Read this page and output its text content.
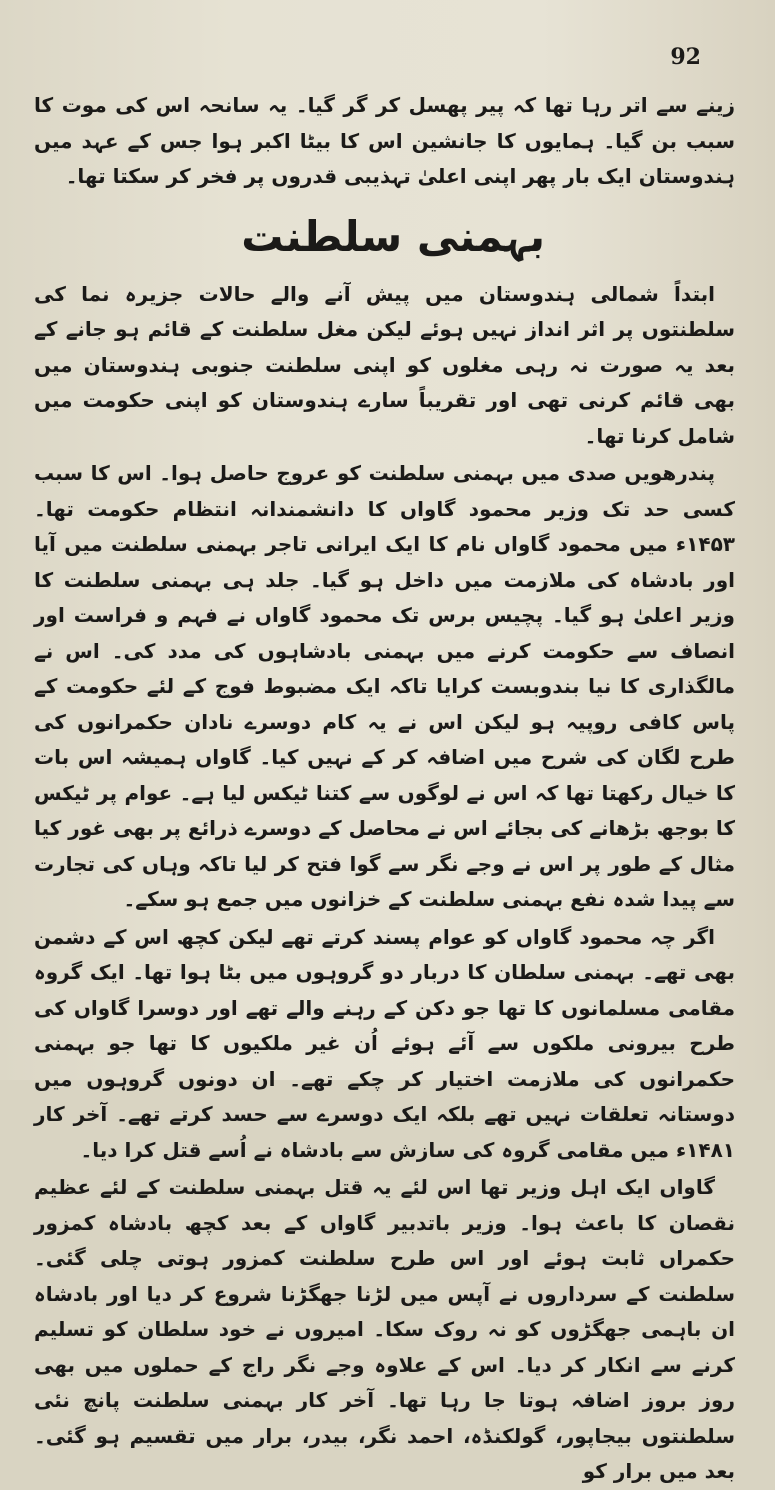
92

زینے سے اتر رہا تھا کہ پیر پھسل کر گر گیا۔ یہ سانحہ اس کی موت کا سبب بن گیا۔ ہمایوں کا جانشین اس کا بیٹا اکبر ہوا جس کے عہد میں ہندوستان ایک بار پھر اپنی اعلیٰ تہذیبی قدروں پر فخر کر سکتا تھا۔

بہمنی سلطنت

ابتداً شمالی ہندوستان میں پیش آنے والے حالات جزیرہ نما کی سلطنتوں پر اثر انداز نہیں ہوئے لیکن مغل سلطنت کے قائم ہو جانے کے بعد یہ صورت نہ رہی مغلوں کو اپنی سلطنت جنوبی ہندوستان میں بھی قائم کرنی تھی اور تقریباً سارے ہندوستان کو اپنی حکومت میں شامل کرنا تھا۔

پندرھویں صدی میں بہمنی سلطنت کو عروج حاصل ہوا۔ اس کا سبب کسی حد تک وزیر محمود گاواں کا دانشمندانہ انتظام حکومت تھا۔ ۱۴۵۳ء میں محمود گاواں نام کا ایک ایرانی تاجر بہمنی سلطنت میں آیا اور بادشاہ کی ملازمت میں داخل ہو گیا۔ جلد ہی بہمنی سلطنت کا وزیر اعلیٰ ہو گیا۔ پچیس برس تک محمود گاواں نے فہم و فراست اور انصاف سے حکومت کرنے میں بہمنی بادشاہوں کی مدد کی۔ اس نے مالگذاری کا نیا بندوبست کرایا تاکہ ایک مضبوط فوج کے لئے حکومت کے پاس کافی روپیہ ہو لیکن اس نے یہ کام دوسرے نادان حکمرانوں کی طرح لگان کی شرح میں اضافہ کر کے نہیں کیا۔ گاواں ہمیشہ اس بات کا خیال رکھتا تھا کہ اس نے لوگوں سے کتنا ٹیکس لیا ہے۔ عوام پر ٹیکس کا بوجھ بڑھانے کی بجائے اس نے محاصل کے دوسرے ذرائع پر بھی غور کیا مثال کے طور پر اس نے وجے نگر سے گوا فتح کر لیا تاکہ وہاں کی تجارت سے پیدا شدہ نفع بہمنی سلطنت کے خزانوں میں جمع ہو سکے۔

اگر چہ محمود گاواں کو عوام پسند کرتے تھے لیکن کچھ اس کے دشمن بھی تھے۔ بہمنی سلطان کا دربار دو گروہوں میں بٹا ہوا تھا۔ ایک گروہ مقامی مسلمانوں کا تھا جو دکن کے رہنے والے تھے اور دوسرا گاواں کی طرح بیرونی ملکوں سے آئے ہوئے اُن غیر ملکیوں کا تھا جو بہمنی حکمرانوں کی ملازمت اختیار کر چکے تھے۔ ان دونوں گروہوں میں دوستانہ تعلقات نہیں تھے بلکہ ایک دوسرے سے حسد کرتے تھے۔ آخر کار ۱۴۸۱ء میں مقامی گروہ کی سازش سے بادشاہ نے اُسے قتل کرا دیا۔

گاواں ایک اہل وزیر تھا اس لئے یہ قتل بہمنی سلطنت کے لئے عظیم نقصان کا باعث ہوا۔ وزیر باتدبیر گاواں کے بعد کچھ بادشاہ کمزور حکمراں ثابت ہوئے اور اس طرح سلطنت کمزور ہوتی چلی گئی۔ سلطنت کے سرداروں نے آپس میں لڑنا جھگڑنا شروع کر دیا اور بادشاہ ان باہمی جھگڑوں کو نہ روک سکا۔ امیروں نے خود سلطان کو تسلیم کرنے سے انکار کر دیا۔ اس کے علاوہ وجے نگر راج کے حملوں میں بھی روز بروز اضافہ ہوتا جا رہا تھا۔ آخر کار بہمنی سلطنت پانچ نئی سلطنتوں بیجاپور، گولکنڈہ، احمد نگر، بیدر، برار میں تقسیم ہو گئی۔ بعد میں برار کو
